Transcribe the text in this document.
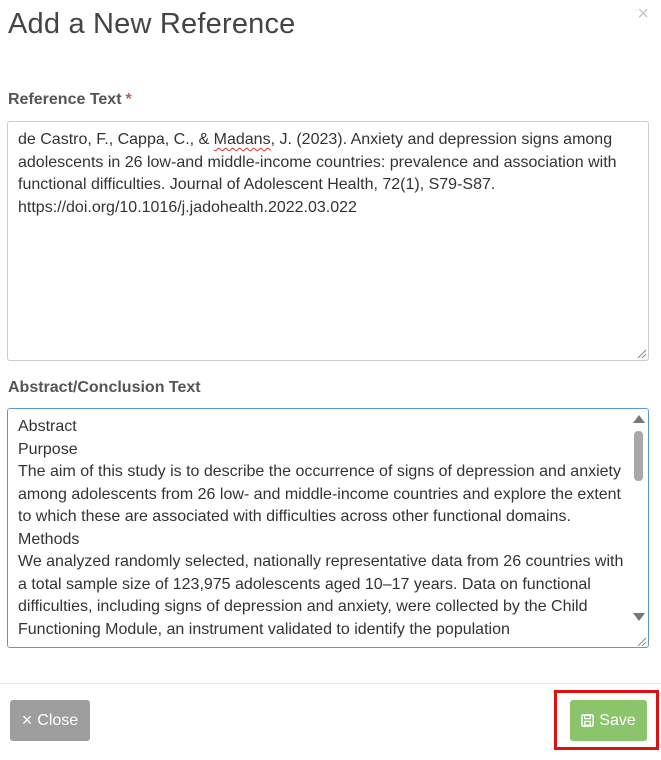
Add a New Reference	×
Reference Text *
de Castro, F., Cappa, C., & Madans, J. (2023). Anxiety and depression signs among adolescents in 26 low-and middle-income countries: prevalence and association with functional difficulties. Journal of Adolescent Health, 72(1), S79-S87. https://doi.org/10.1016/j.jadohealth.2022.03.022
Abstract/Conclusion Text

Abstract

Purpose

The aim of this study is to describe the occurrence of signs of depression and anxiety among adolescents from 26 low- and middle-income countries and explore the extent to which these are associated with difficulties across other functional domains.

Methods

We analyzed randomly selected, nationally representative data from 26 countries with a total sample size of 123,975 adolescents aged 10–17 years. Data on functional difficulties, including signs of depression and anxiety, were collected by the Child Functioning Module, an instrument validated to identify the population

× Close	Save
